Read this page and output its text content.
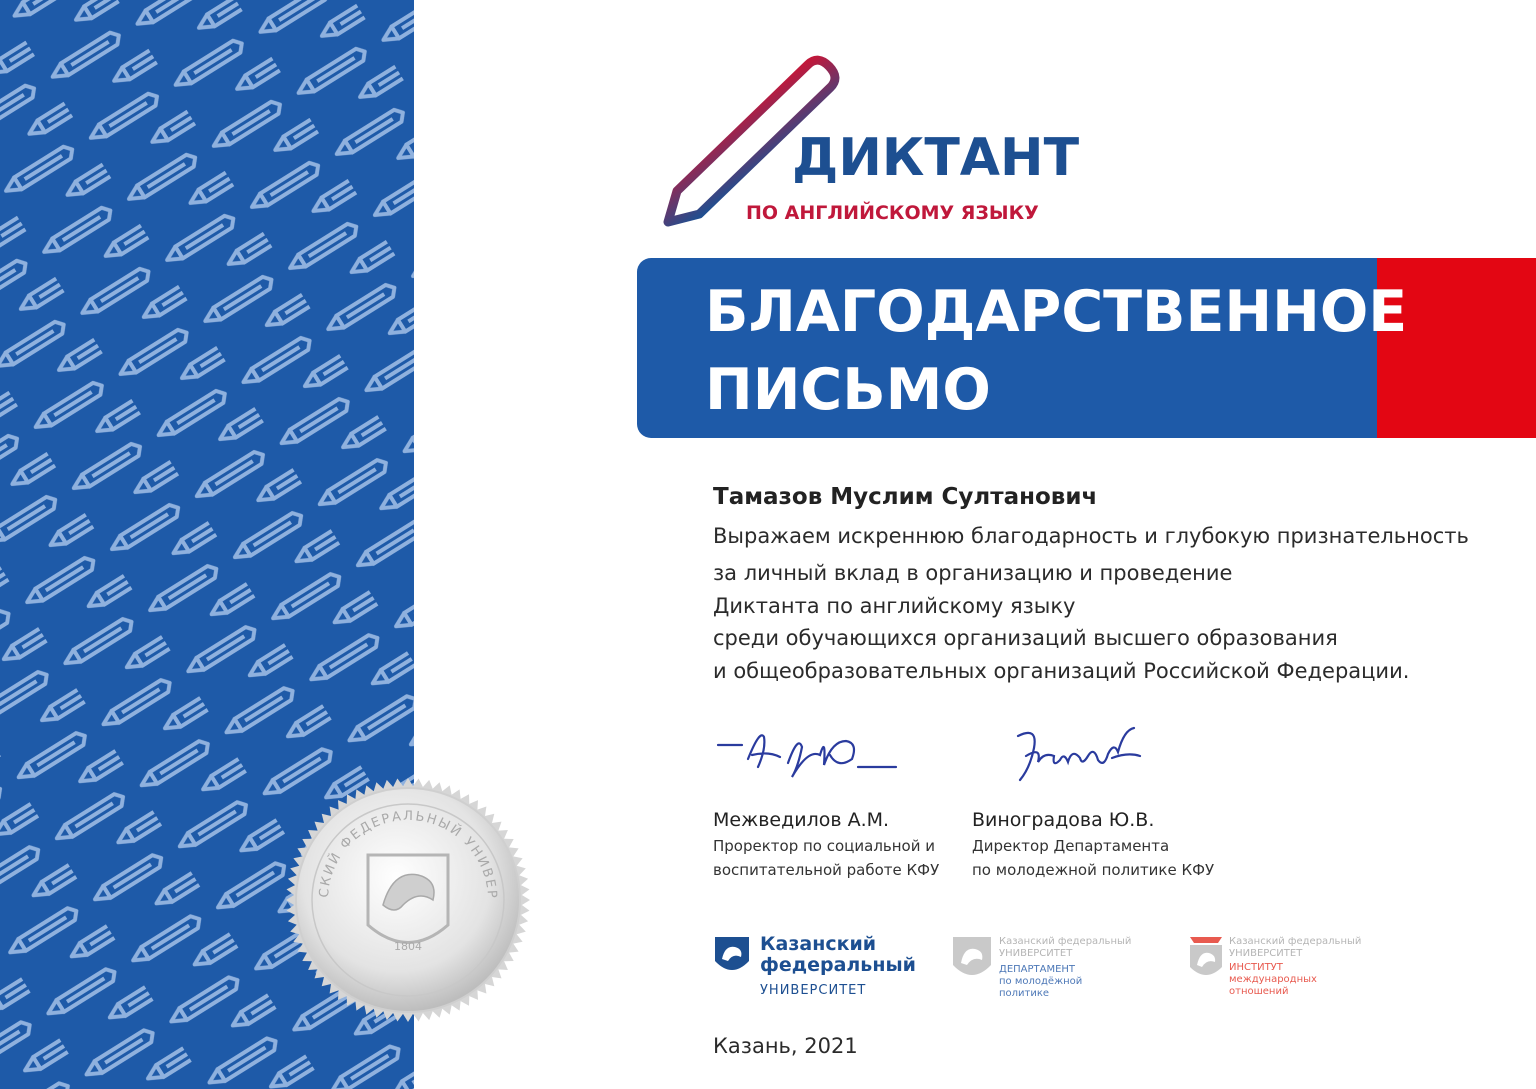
СКИЙ ФЕДЕРАЛЬНЫЙ УНИВЕР
1804
ДИКТАНТ
ПО АНГЛИЙСКОМУ ЯЗЫКУ
БЛАГОДАРСТВЕННОЕ
ПИСЬМО
Тамазов Муслим Султанович
Выражаем искреннюю благодарность и глубокую признательность
за личный вклад в организацию и проведение
Диктанта по английскому языку
среди обучающихся организаций высшего образования
и общеобразовательных организаций Российской Федерации.
Межведилов А.М.
Проректор по социальной и
воспитательной работе КФУ
Виноградова Ю.В.
Директор Департамента
по молодежной политике КФУ
Казанский
федеральный
УНИВЕРСИТЕТ
Казанский федеральный
УНИВЕРСИТЕТ
ДЕПАРТАМЕНТ
по молодёжной
политике
Казанский федеральный
УНИВЕРСИТЕТ
ИНСТИТУТ
международных
отношений
Казань, 2021
